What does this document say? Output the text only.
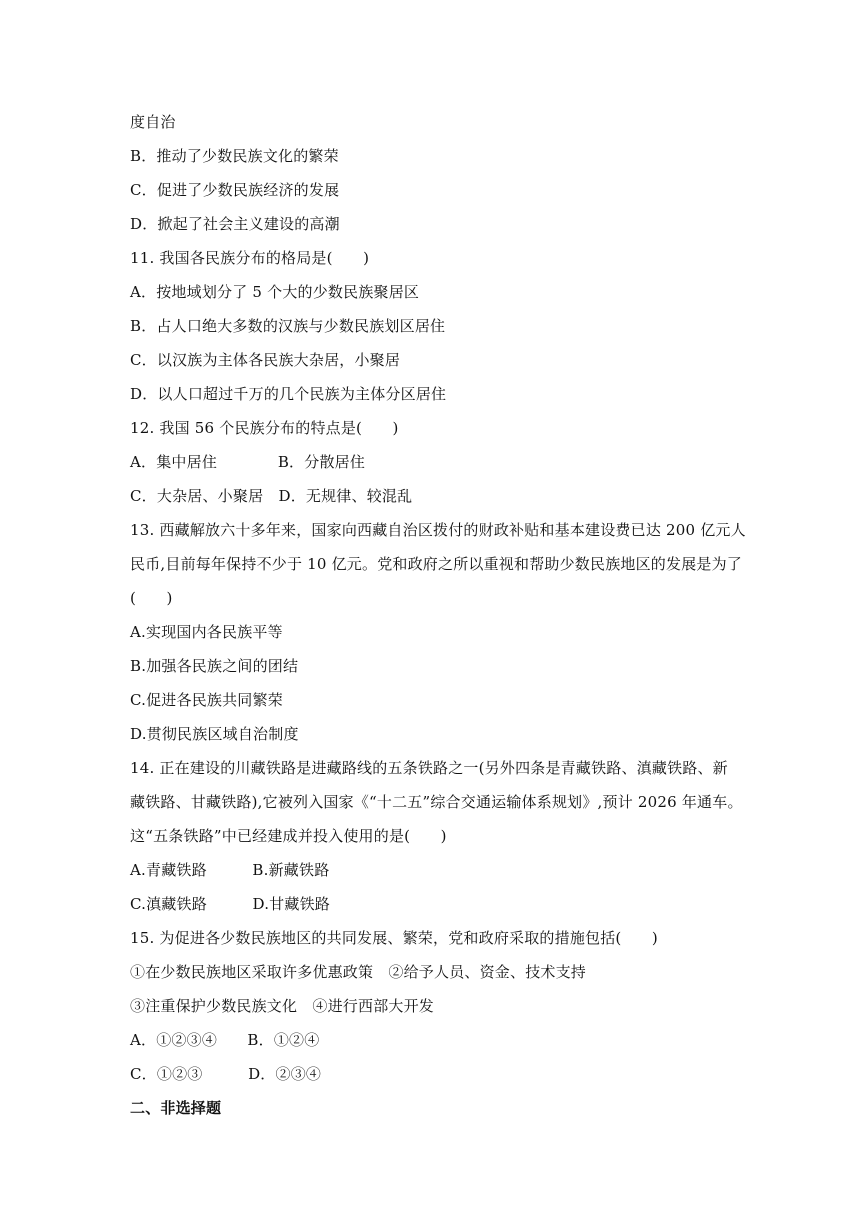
度自治
B．推动了少数民族文化的繁荣
C．促进了少数民族经济的发展
D．掀起了社会主义建设的高潮
11. 我国各民族分布的格局是(　　)
A．按地域划分了 5 个大的少数民族聚居区
B．占人口绝大多数的汉族与少数民族划区居住
C．以汉族为主体各民族大杂居，小聚居
D．以人口超过千万的几个民族为主体分区居住
12. 我国 56 个民族分布的特点是(　　)
A．集中居住　　　　B．分散居住
C．大杂居、小聚居　D．无规律、较混乱
13. 西藏解放六十多年来，国家向西藏自治区拨付的财政补贴和基本建设费已达 200 亿元人
民币,目前每年保持不少于 10 亿元。党和政府之所以重视和帮助少数民族地区的发展是为了
(　　)
A.实现国内各民族平等
B.加强各民族之间的团结
C.促进各民族共同繁荣
D.贯彻民族区域自治制度
14. 正在建设的川藏铁路是进藏路线的五条铁路之一(另外四条是青藏铁路、滇藏铁路、新
藏铁路、甘藏铁路),它被列入国家《“十二五”综合交通运输体系规划》,预计 2026 年通车。
这“五条铁路”中已经建成并投入使用的是(　　)
A.青藏铁路　　　B.新藏铁路
C.滇藏铁路　　　D.甘藏铁路
15. 为促进各少数民族地区的共同发展、繁荣，党和政府采取的措施包括(　　)
①在少数民族地区采取许多优惠政策　②给予人员、资金、技术支持
③注重保护少数民族文化　④进行西部大开发
A．①②③④　　B．①②④
C．①②③　　　D．②③④
二、非选择题
